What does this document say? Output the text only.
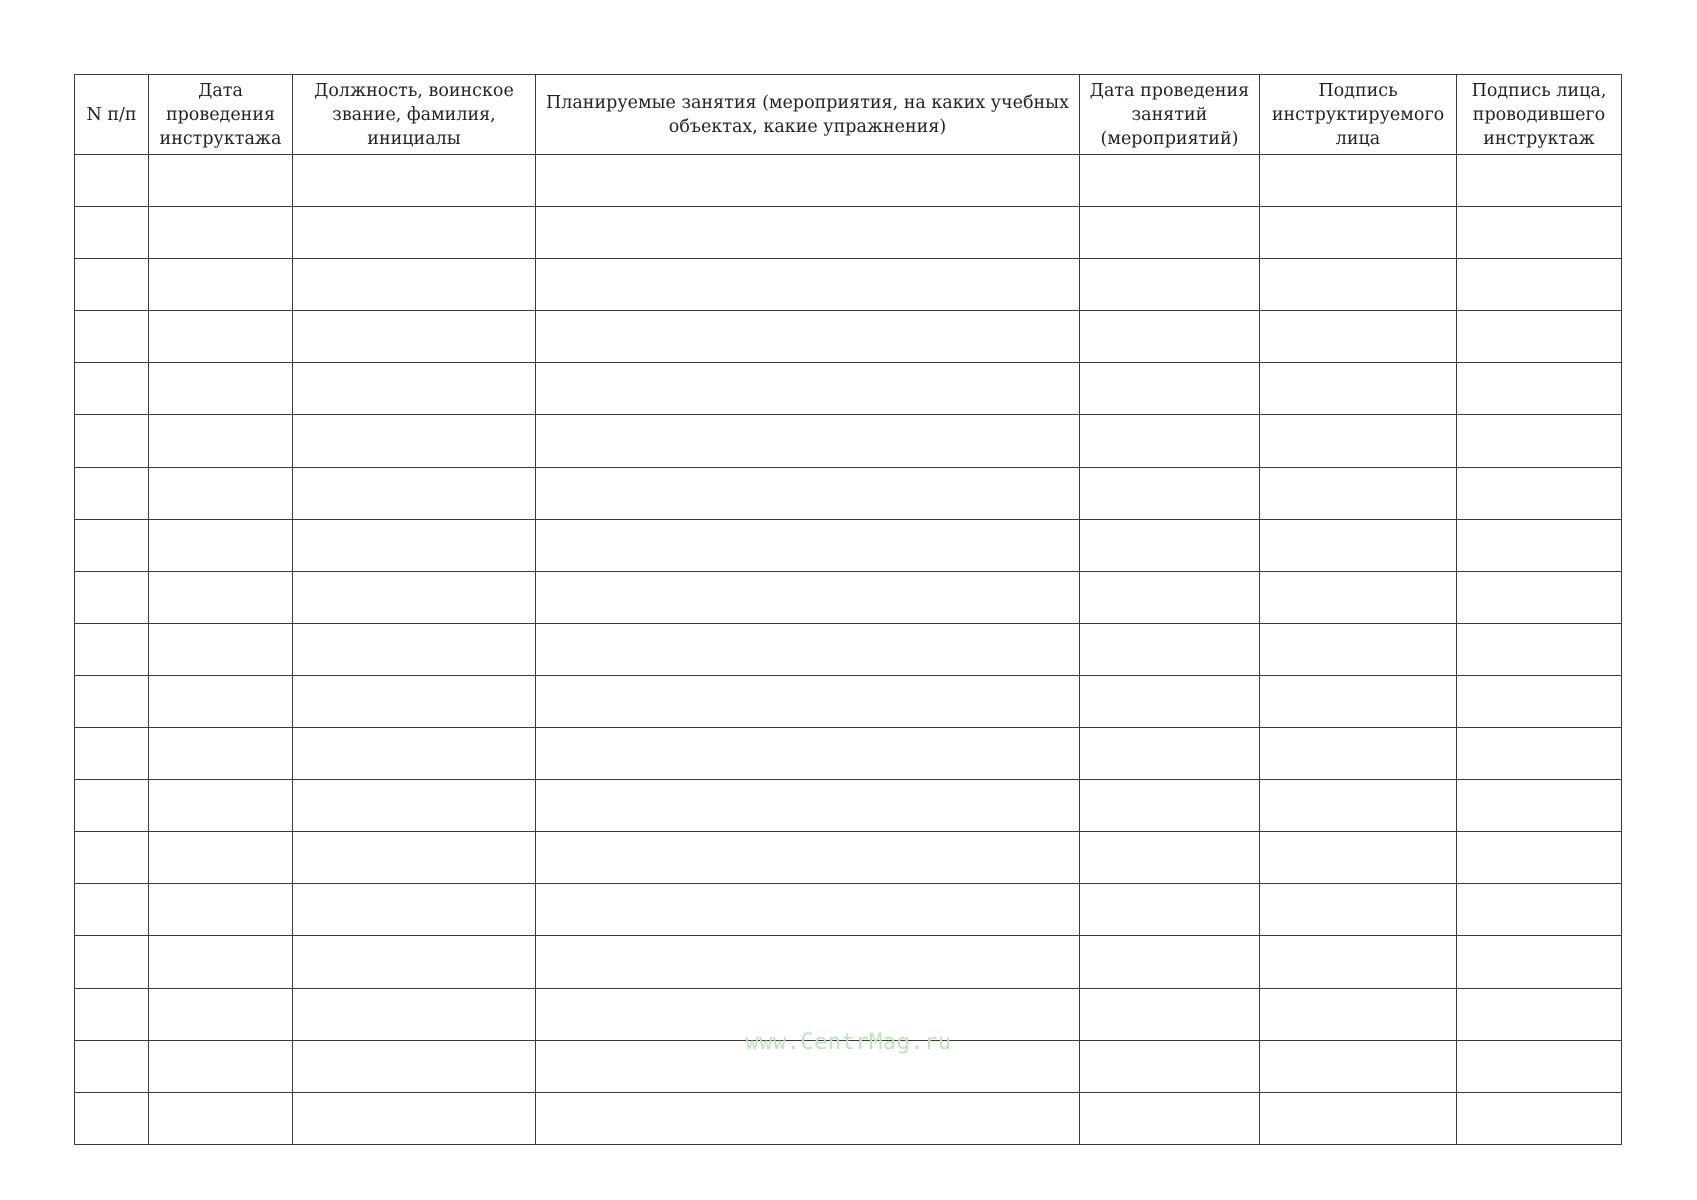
N п/п	Дата проведения инструктажа	Должность, воинское звание, фамилия, инициалы	Планируемые занятия (мероприятия, на каких учебных объектах, какие упражнения)	Дата проведения занятий (мероприятий)	Подпись инструктируемого лица	Подпись лица, проводившего инструктаж

www.CentrMag.ru
